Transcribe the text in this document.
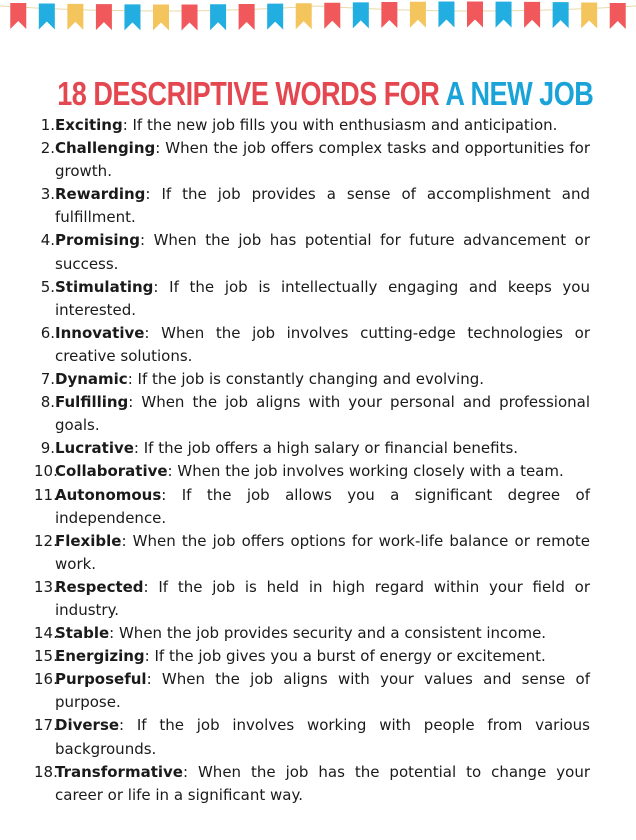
18 DESCRIPTIVE WORDS FOR A NEW JOB
1. Exciting: If the new job fills you with enthusiasm and anticipation.
2. Challenging: When the job offers complex tasks and opportunities for growth.
3. Rewarding: If the job provides a sense of accomplishment and fulfillment.
4. Promising: When the job has potential for future advancement or success.
5. Stimulating: If the job is intellectually engaging and keeps you interested.
6. Innovative: When the job involves cutting-edge technologies or creative solutions.
7. Dynamic: If the job is constantly changing and evolving.
8. Fulfilling: When the job aligns with your personal and professional goals.
9. Lucrative: If the job offers a high salary or financial benefits.
10.
Collaborative: When the job involves working closely with a team.
11.
Autonomous: If the job allows you a significant degree of independence.
12.
Flexible: When the job offers options for work-life balance or remote work.
13.
Respected: If the job is held in high regard within your field or industry.
14.
Stable: When the job provides security and a consistent income.
15.
Energizing: If the job gives you a burst of energy or excitement.
16.
Purposeful: When the job aligns with your values and sense of purpose.
17.
Diverse: If the job involves working with people from various backgrounds.
18.
Transformative: When the job has the potential to change your career or life in a significant way.
